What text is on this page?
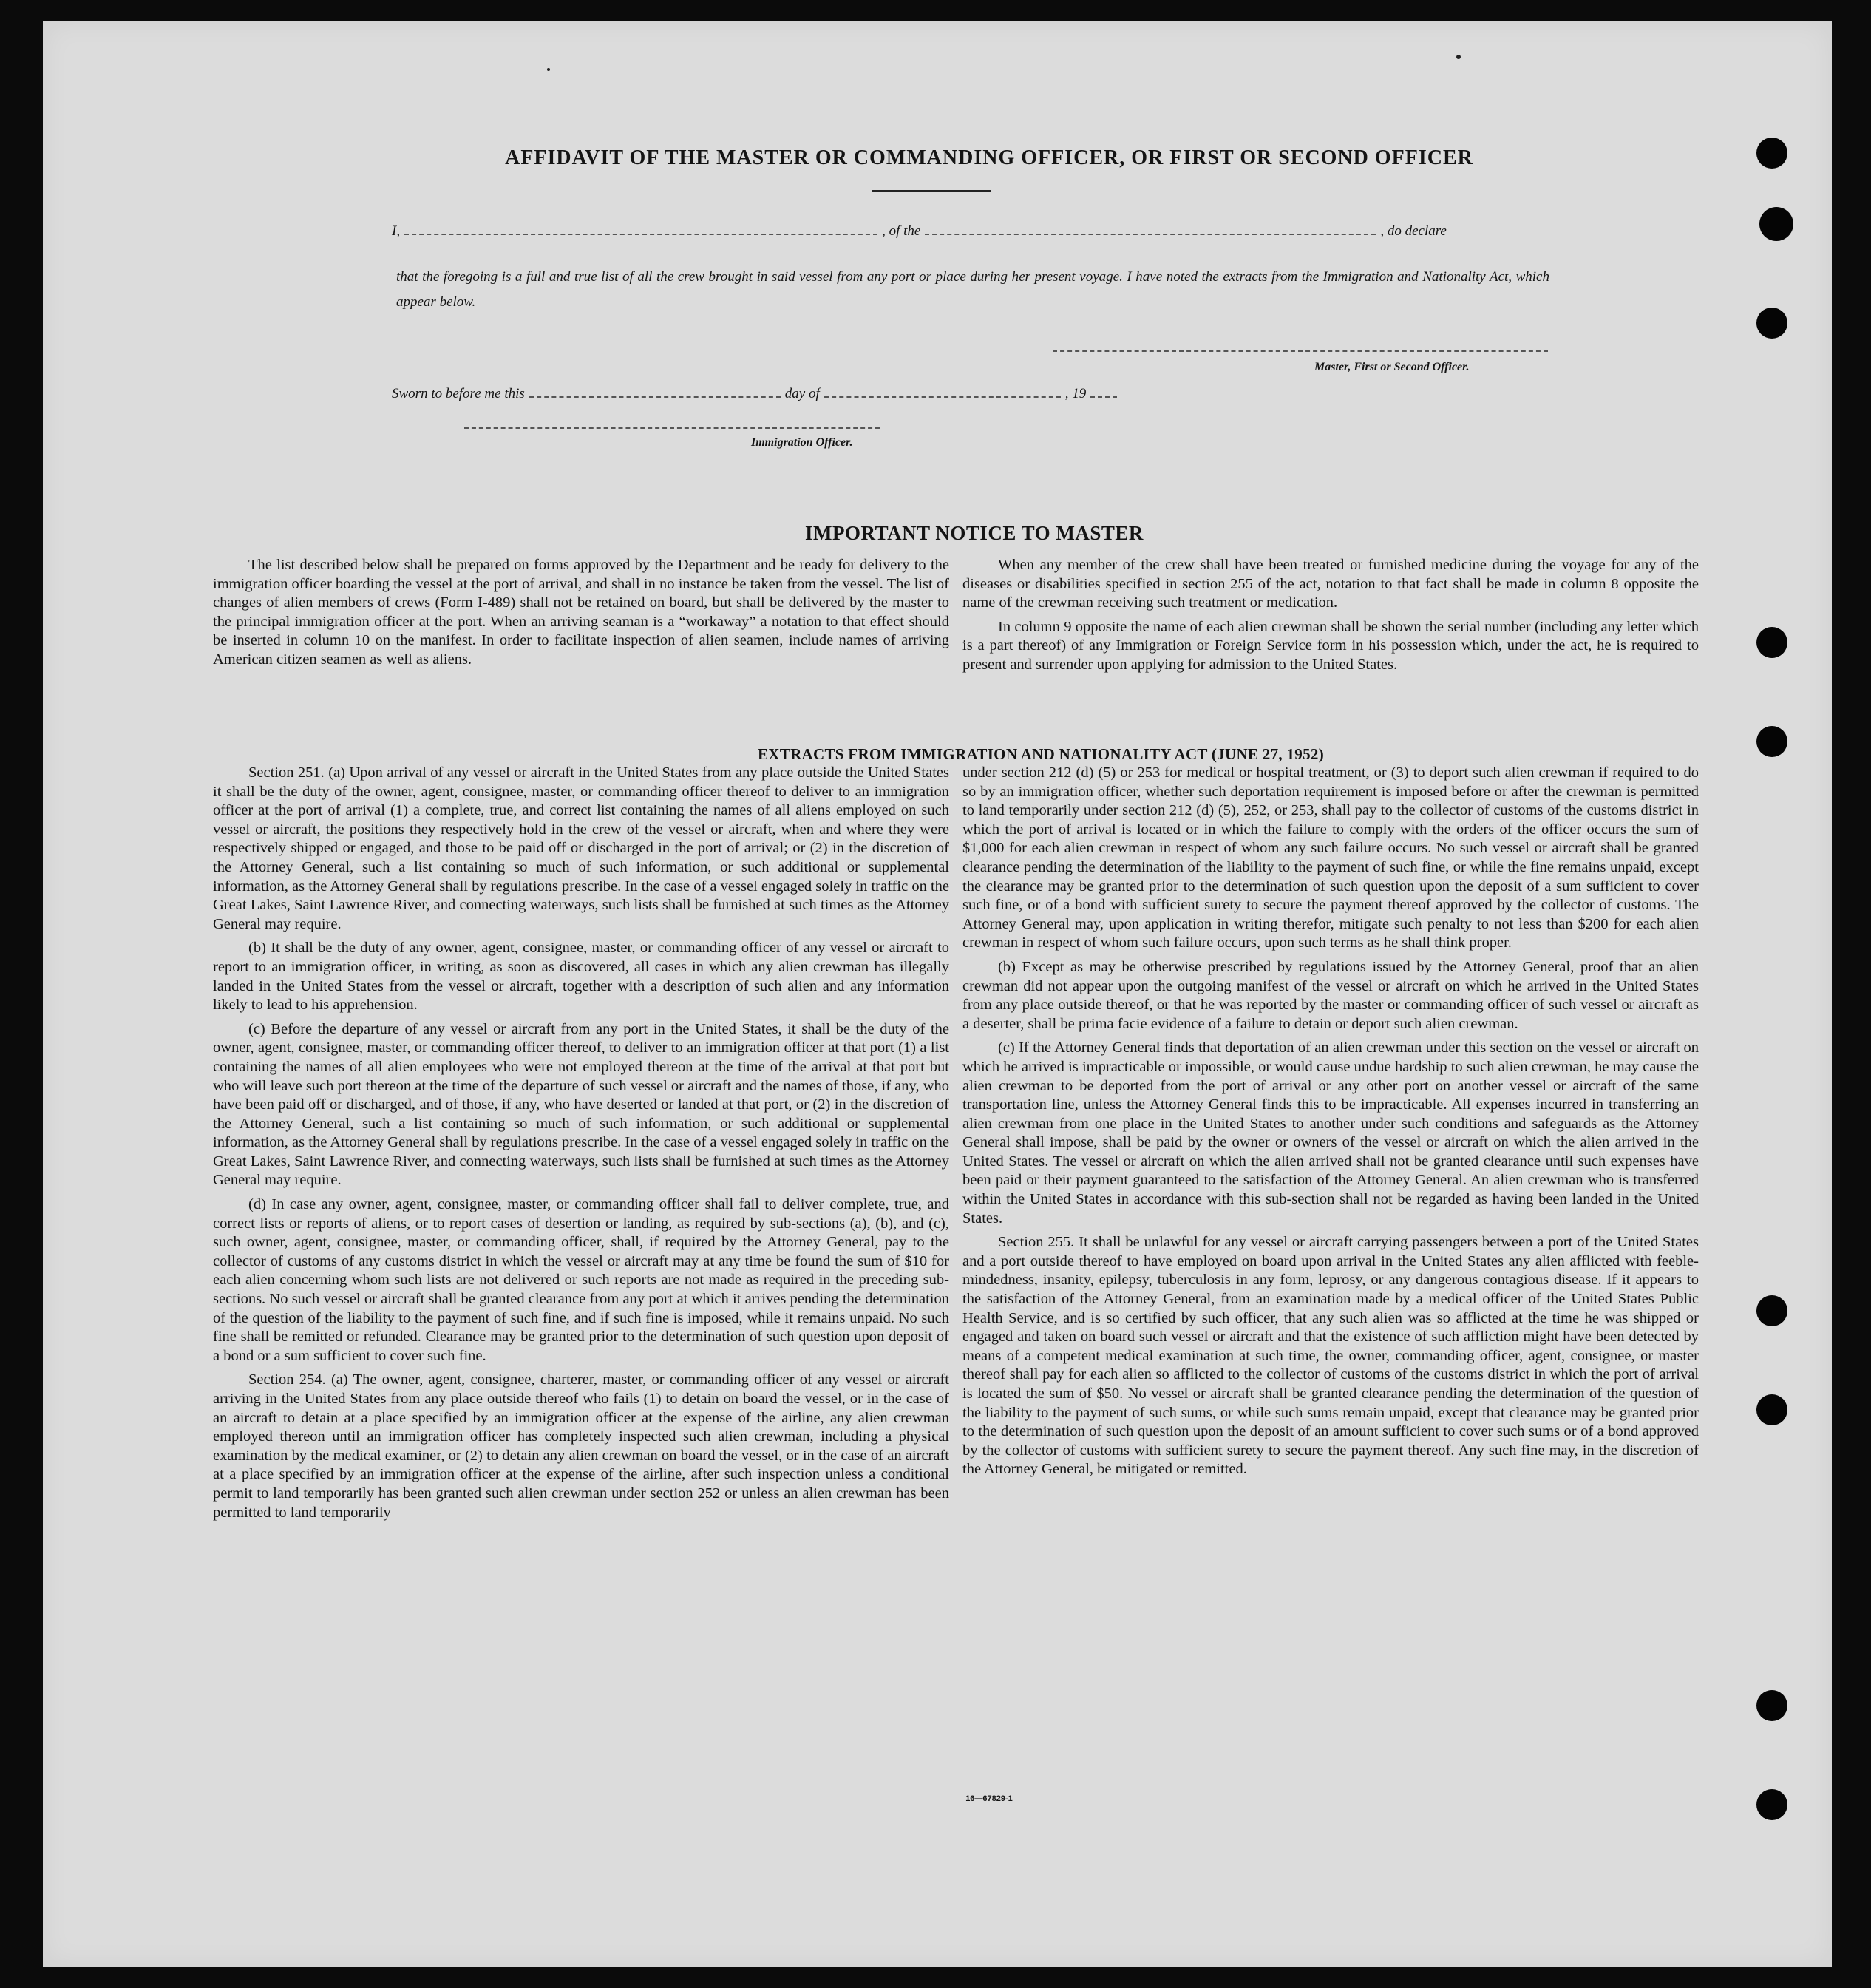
AFFIDAVIT OF THE MASTER OR COMMANDING OFFICER, OR FIRST OR SECOND OFFICER
I,	, of the	, do declare
that the foregoing is a full and true list of all the crew brought in said vessel from any port or place during her present voyage. I have noted the extracts from the Immigration and Nationality Act, which appear below.
Master, First or Second Officer.
Sworn to before me this	day of	, 19
Immigration Officer.
IMPORTANT NOTICE TO MASTER

The list described below shall be prepared on forms approved by the Department and be ready for delivery to the immigration officer boarding the vessel at the port of arrival, and shall in no instance be taken from the vessel. The list of changes of alien members of crews (Form I-489) shall not be retained on board, but shall be delivered by the master to the principal immigration officer at the port. When an arriving seaman is a “workaway” a notation to that effect should be inserted in column 10 on the manifest. In order to facilitate inspection of alien seamen, include names of arriving American citizen seamen as well as aliens.

When any member of the crew shall have been treated or furnished medicine during the voyage for any of the diseases or disabilities specified in section 255 of the act, notation to that fact shall be made in column 8 opposite the name of the crewman receiving such treatment or medication.

In column 9 opposite the name of each alien crewman shall be shown the serial number (including any letter which is a part thereof) of any Immigration or Foreign Service form in his possession which, under the act, he is required to present and surrender upon applying for admission to the United States.

EXTRACTS FROM IMMIGRATION AND NATIONALITY ACT (JUNE 27, 1952)

Section 251. (a) Upon arrival of any vessel or aircraft in the United States from any place outside the United States it shall be the duty of the owner, agent, consignee, master, or commanding officer thereof to deliver to an immigration officer at the port of arrival (1) a complete, true, and correct list containing the names of all aliens employed on such vessel or aircraft, the positions they respectively hold in the crew of the vessel or aircraft, when and where they were respectively shipped or engaged, and those to be paid off or discharged in the port of arrival; or (2) in the discretion of the Attorney General, such a list containing so much of such information, or such additional or supplemental information, as the Attorney General shall by regulations prescribe. In the case of a vessel engaged solely in traffic on the Great Lakes, Saint Lawrence River, and connecting waterways, such lists shall be furnished at such times as the Attorney General may require.

(b) It shall be the duty of any owner, agent, consignee, master, or commanding officer of any vessel or aircraft to report to an immigration officer, in writing, as soon as discovered, all cases in which any alien crewman has illegally landed in the United States from the vessel or aircraft, together with a description of such alien and any information likely to lead to his apprehension.

(c) Before the departure of any vessel or aircraft from any port in the United States, it shall be the duty of the owner, agent, consignee, master, or commanding officer thereof, to deliver to an immigration officer at that port (1) a list containing the names of all alien employees who were not employed thereon at the time of the arrival at that port but who will leave such port thereon at the time of the departure of such vessel or aircraft and the names of those, if any, who have been paid off or discharged, and of those, if any, who have deserted or landed at that port, or (2) in the discretion of the Attorney General, such a list containing so much of such information, or such additional or supplemental information, as the Attorney General shall by regulations prescribe. In the case of a vessel engaged solely in traffic on the Great Lakes, Saint Lawrence River, and connecting waterways, such lists shall be furnished at such times as the Attorney General may require.

(d) In case any owner, agent, consignee, master, or commanding officer shall fail to deliver complete, true, and correct lists or reports of aliens, or to report cases of desertion or landing, as required by sub-sections (a), (b), and (c), such owner, agent, consignee, master, or commanding officer, shall, if required by the Attorney General, pay to the collector of customs of any customs district in which the vessel or aircraft may at any time be found the sum of $10 for each alien concerning whom such lists are not delivered or such reports are not made as required in the preceding sub-sections. No such vessel or aircraft shall be granted clearance from any port at which it arrives pending the determination of the question of the liability to the payment of such fine, and if such fine is imposed, while it remains unpaid. No such fine shall be remitted or refunded. Clearance may be granted prior to the determination of such question upon deposit of a bond or a sum sufficient to cover such fine.

Section 254. (a) The owner, agent, consignee, charterer, master, or commanding officer of any vessel or aircraft arriving in the United States from any place outside thereof who fails (1) to detain on board the vessel, or in the case of an aircraft to detain at a place specified by an immigration officer at the expense of the airline, any alien crewman employed thereon until an immigration officer has completely inspected such alien crewman, including a physical examination by the medical examiner, or (2) to detain any alien crewman on board the vessel, or in the case of an aircraft at a place specified by an immigration officer at the expense of the airline, after such inspection unless a conditional permit to land temporarily has been granted such alien crewman under section 252 or unless an alien crewman has been permitted to land temporarily

under section 212 (d) (5) or 253 for medical or hospital treatment, or (3) to deport such alien crewman if required to do so by an immigration officer, whether such deportation requirement is imposed before or after the crewman is permitted to land temporarily under section 212 (d) (5), 252, or 253, shall pay to the collector of customs of the customs district in which the port of arrival is located or in which the failure to comply with the orders of the officer occurs the sum of $1,000 for each alien crewman in respect of whom any such failure occurs. No such vessel or aircraft shall be granted clearance pending the determination of the liability to the payment of such fine, or while the fine remains unpaid, except the clearance may be granted prior to the determination of such question upon the deposit of a sum sufficient to cover such fine, or of a bond with sufficient surety to secure the payment thereof approved by the collector of customs. The Attorney General may, upon application in writing therefor, mitigate such penalty to not less than $200 for each alien crewman in respect of whom such failure occurs, upon such terms as he shall think proper.

(b) Except as may be otherwise prescribed by regulations issued by the Attorney General, proof that an alien crewman did not appear upon the outgoing manifest of the vessel or aircraft on which he arrived in the United States from any place outside thereof, or that he was reported by the master or commanding officer of such vessel or aircraft as a deserter, shall be prima facie evidence of a failure to detain or deport such alien crewman.

(c) If the Attorney General finds that deportation of an alien crewman under this section on the vessel or aircraft on which he arrived is impracticable or impossible, or would cause undue hardship to such alien crewman, he may cause the alien crewman to be deported from the port of arrival or any other port on another vessel or aircraft of the same transportation line, unless the Attorney General finds this to be impracticable. All expenses incurred in transferring an alien crewman from one place in the United States to another under such conditions and safeguards as the Attorney General shall impose, shall be paid by the owner or owners of the vessel or aircraft on which the alien arrived in the United States. The vessel or aircraft on which the alien arrived shall not be granted clearance until such expenses have been paid or their payment guaranteed to the satisfaction of the Attorney General. An alien crewman who is transferred within the United States in accordance with this sub-section shall not be regarded as having been landed in the United States.

Section 255. It shall be unlawful for any vessel or aircraft carrying passengers between a port of the United States and a port outside thereof to have employed on board upon arrival in the United States any alien afflicted with feeble-mindedness, insanity, epilepsy, tuberculosis in any form, leprosy, or any dangerous contagious disease. If it appears to the satisfaction of the Attorney General, from an examination made by a medical officer of the United States Public Health Service, and is so certified by such officer, that any such alien was so afflicted at the time he was shipped or engaged and taken on board such vessel or aircraft and that the existence of such affliction might have been detected by means of a competent medical examination at such time, the owner, commanding officer, agent, consignee, or master thereof shall pay for each alien so afflicted to the collector of customs of the customs district in which the port of arrival is located the sum of $50. No vessel or aircraft shall be granted clearance pending the determination of the question of the liability to the payment of such sums, or while such sums remain unpaid, except that clearance may be granted prior to the determination of such question upon the deposit of an amount sufficient to cover such sums or of a bond approved by the collector of customs with sufficient surety to secure the payment thereof. Any such fine may, in the discretion of the Attorney General, be mitigated or remitted.

16—67829-1
